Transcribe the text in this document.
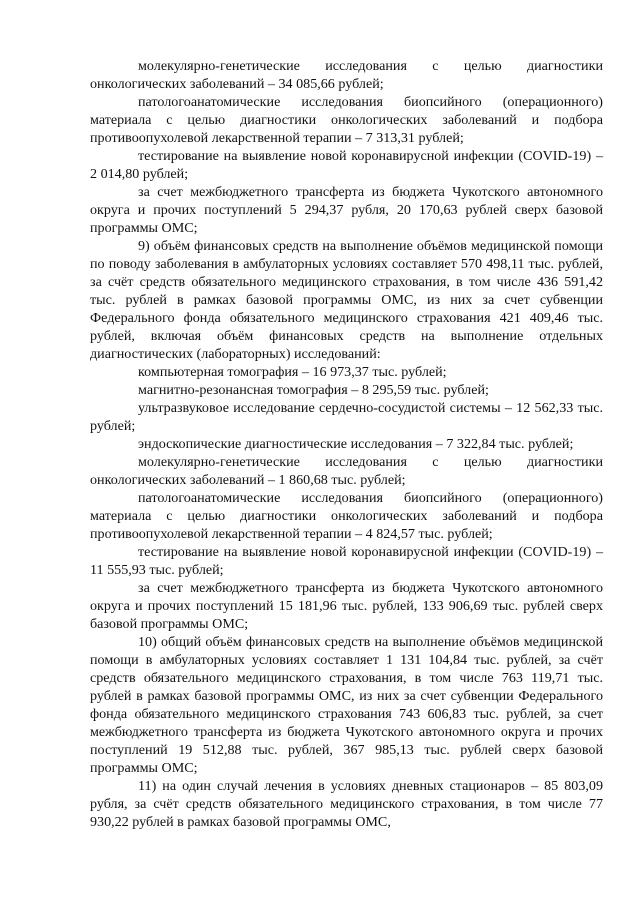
молекулярно-генетические исследования с целью диагностики онкологических заболеваний – 34 085,66 рублей;

патологоанатомические исследования биопсийного (операционного) материала с целью диагностики онкологических заболеваний и подбора противоопухолевой лекарственной терапии – 7 313,31 рублей;

тестирование на выявление новой коронавирусной инфекции (COVID-19) – 2 014,80 рублей;

за счет межбюджетного трансферта из бюджета Чукотского автономного округа и прочих поступлений 5 294,37 рубля, 20 170,63 рублей сверх базовой программы ОМС;

9) объём финансовых средств на выполнение объёмов медицинской помощи по поводу заболевания в амбулаторных условиях составляет 570 498,11 тыс. рублей, за счёт средств обязательного медицинского страхования, в том числе 436 591,42 тыс. рублей в рамках базовой программы ОМС, из них за счет субвенции Федерального фонда обязательного медицинского страхования 421 409,46 тыс. рублей, включая объём финансовых средств на выполнение отдельных диагностических (лабораторных) исследований:

компьютерная томография – 16 973,37 тыс. рублей;

магнитно-резонансная томография – 8 295,59 тыс. рублей;

ультразвуковое исследование сердечно-сосудистой системы – 12 562,33 тыс. рублей;

эндоскопические диагностические исследования – 7 322,84 тыс. рублей;

молекулярно-генетические исследования с целью диагностики онкологических заболеваний – 1 860,68 тыс. рублей;

патологоанатомические исследования биопсийного (операционного) материала с целью диагностики онкологических заболеваний и подбора противоопухолевой лекарственной терапии – 4 824,57 тыс. рублей;

тестирование на выявление новой коронавирусной инфекции (COVID-19) – 11 555,93 тыс. рублей;

за счет межбюджетного трансферта из бюджета Чукотского автономного округа и прочих поступлений 15 181,96 тыс. рублей, 133 906,69 тыс. рублей сверх базовой программы ОМС;

10) общий объём финансовых средств на выполнение объёмов медицинской помощи в амбулаторных условиях составляет 1 131 104,84 тыс. рублей, за счёт средств обязательного медицинского страхования, в том числе 763 119,71 тыс. рублей в рамках базовой программы ОМС, из них за счет субвенции Федерального фонда обязательного медицинского страхования 743 606,83 тыс. рублей, за счет межбюджетного трансферта из бюджета Чукотского автономного округа и прочих поступлений 19 512,88 тыс. рублей, 367 985,13 тыс. рублей сверх базовой программы ОМС;

11) на один случай лечения в условиях дневных стационаров – 85 803,09 рубля, за счёт средств обязательного медицинского страхования, в том числе 77 930,22 рублей в рамках базовой программы ОМС,
